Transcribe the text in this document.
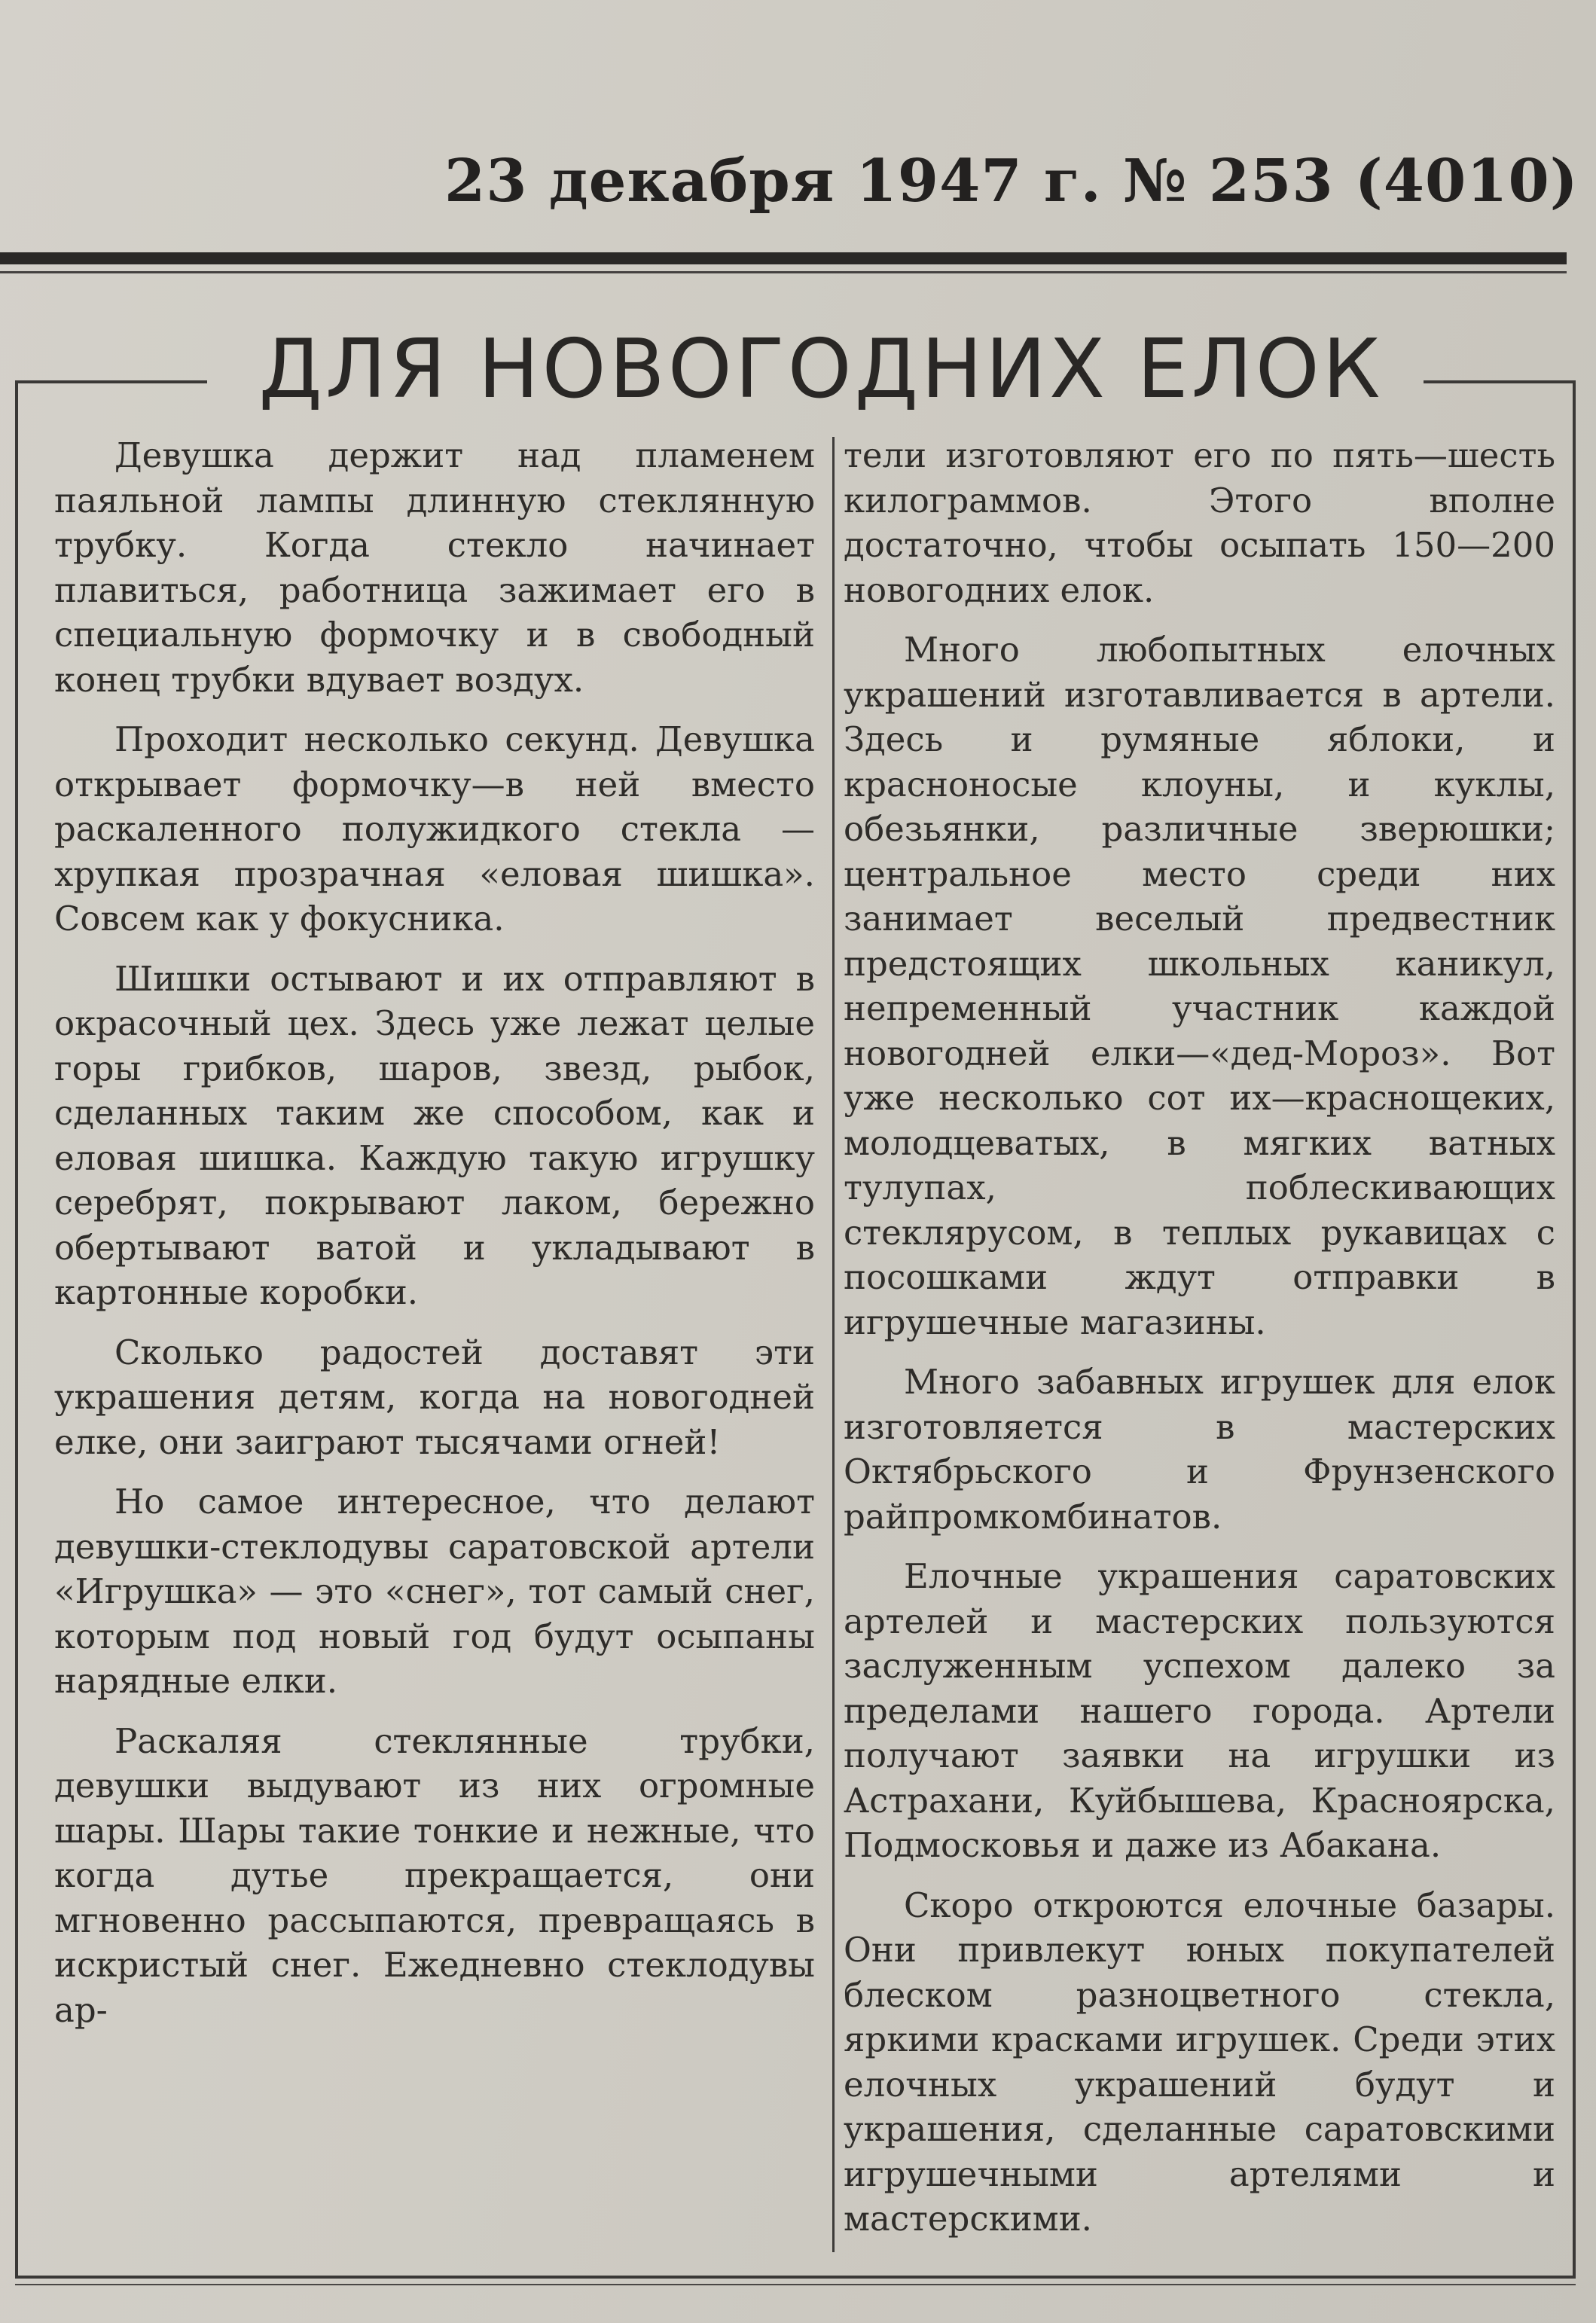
23 декабря 1947 г. № 253 (4010)
ДЛЯ НОВОГОДНИХ ЕЛОК

Девушка держит над пламенем паяльной лампы длинную стеклянную трубку. Когда стекло начинает плавиться, работница зажимает его в специальную формочку и в свободный конец трубки вдувает воздух.

Проходит несколько секунд. Девушка открывает формочку—в ней вместо раскаленного полужидкого стекла — хрупкая прозрачная «еловая шишка». Совсем как у фокусника.

Шишки остывают и их отправляют в окрасочный цех. Здесь уже лежат целые горы грибков, шаров, звезд, рыбок, сделанных таким же способом, как и еловая шишка. Каждую такую игрушку серебрят, покрывают лаком, бережно обертывают ватой и укладывают в картонные коробки.

Сколько радостей доставят эти украшения детям, когда на новогодней елке, они заиграют тысячами огней!

Но самое интересное, что делают девушки-стеклодувы саратовской артели «Игрушка» — это «снег», тот самый снег, которым под новый год будут осыпаны нарядные елки.

Раскаляя стеклянные трубки, девушки выдувают из них огромные шары. Шары такие тонкие и нежные, что когда дутье прекращается, они мгновенно рассыпаются, превращаясь в искристый снег. Ежедневно стеклодувы ар-

тели изготовляют его по пять—шесть килограммов. Этого вполне достаточно, чтобы осыпать 150—200 новогодних елок.

Много любопытных елочных украшений изготавливается в артели. Здесь и румяные яблоки, и красноносые клоуны, и куклы, обезьянки, различные зверюшки; центральное место среди них занимает веселый предвестник предстоящих школьных каникул, непременный участник каждой новогодней елки—«дед-Мороз». Вот уже несколько сот их—краснощеких, молодцеватых, в мягких ватных тулупах, поблескивающих стеклярусом, в теплых рукавицах с посошками ждут отправки в игрушечные магазины.

Много забавных игрушек для елок изготовляется в мастерских Октябрьского и Фрунзенского райпромкомбинатов.

Елочные украшения саратовских артелей и мастерских пользуются заслуженным успехом далеко за пределами нашего города. Артели получают заявки на игрушки из Астрахани, Куйбышева, Красноярска, Подмосковья и даже из Абакана.

Скоро откроются елочные базары. Они привлекут юных покупателей блеском разноцветного стекла, яркими красками игрушек. Среди этих елочных украшений будут и украшения, сделанные саратовскими игрушечными артелями и мастерскими.
